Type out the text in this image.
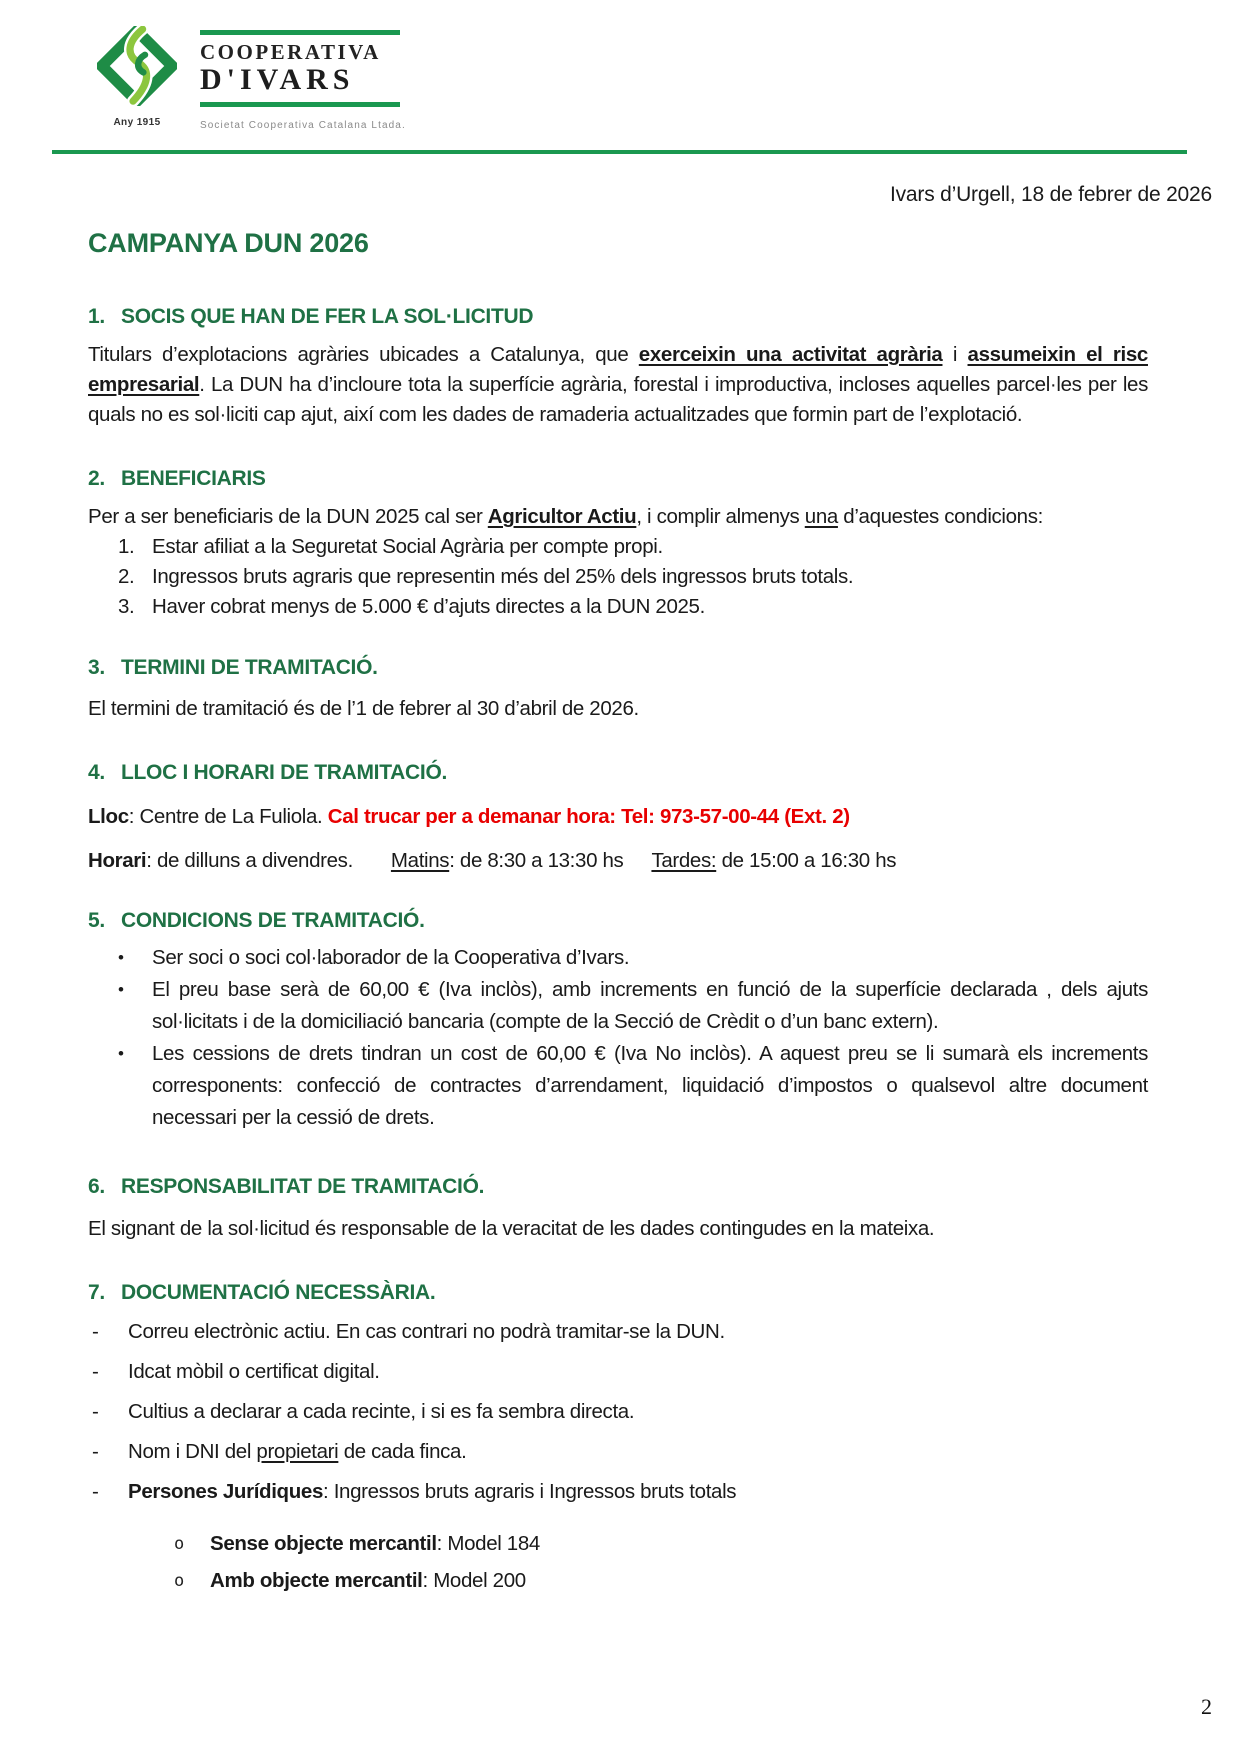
Any 1915
COOPERATIVA
D'IVARS
Societat Cooperativa Catalana Ltada.
Ivars d’Urgell, 18 de febrer de 2026
CAMPANYA DUN 2026
1. SOCIS QUE HAN DE FER LA SOL·LICITUD

Titulars d’explotacions agràries ubicades a Catalunya, que exerceixin una activitat agrària i assumeixin el risc empresarial. La DUN ha d’incloure tota la superfície agrària, forestal i improductiva, incloses aquelles parcel·les per les quals no es sol·liciti cap ajut, així com les dades de ramaderia actualitzades que formin part de l’explotació.

2. BENEFICIARIS

Per a ser beneficiaris de la DUN 2025 cal ser Agricultor Actiu, i complir almenys una d’aquestes condicions:

1. Estar afiliat a la Seguretat Social Agrària per compte propi.
2. Ingressos bruts agraris que representin més del 25% dels ingressos bruts totals.
3. Haver cobrat menys de 5.000 € d’ajuts directes a la DUN 2025.
3. TERMINI DE TRAMITACIÓ.

El termini de tramitació és de l’1 de febrer al 30 d’abril de 2026.

4. LLOC I HORARI DE TRAMITACIÓ.

Lloc: Centre de La Fuliola. Cal trucar per a demanar hora: Tel: 973-57-00-44 (Ext. 2)

Horari: de dilluns a divendres. Matins: de 8:30 a 13:30 hs Tardes: de 15:00 a 16:30 hs

5. CONDICIONS DE TRAMITACIÓ.
•	Ser soci o soci col·laborador de la Cooperativa d’Ivars.
•	El preu base serà de 60,00 € (Iva inclòs), amb increments en funció de la superfície declarada , dels ajuts sol·licitats i de la domiciliació bancaria (compte de la Secció de Crèdit o d’un banc extern).
•	Les cessions de drets tindran un cost de 60,00 € (Iva No inclòs). A aquest preu se li sumarà els increments corresponents: confecció de contractes d’arrendament, liquidació d’impostos o qualsevol altre document necessari per la cessió de drets.
6. RESPONSABILITAT DE TRAMITACIÓ.

El signant de la sol·licitud és responsable de la veracitat de les dades contingudes en la mateixa.

7. DOCUMENTACIÓ NECESSÀRIA.
-	Correu electrònic actiu. En cas contrari no podrà tramitar-se la DUN.
-	Idcat mòbil o certificat digital.
-	Cultius a declarar a cada recinte, i si es fa sembra directa.
-	Nom i DNI del propietari de cada finca.
-	Persones Jurídiques: Ingressos bruts agraris i Ingressos bruts totals
o	Sense objecte mercantil: Model 184
o	Amb objecte mercantil: Model 200
2
